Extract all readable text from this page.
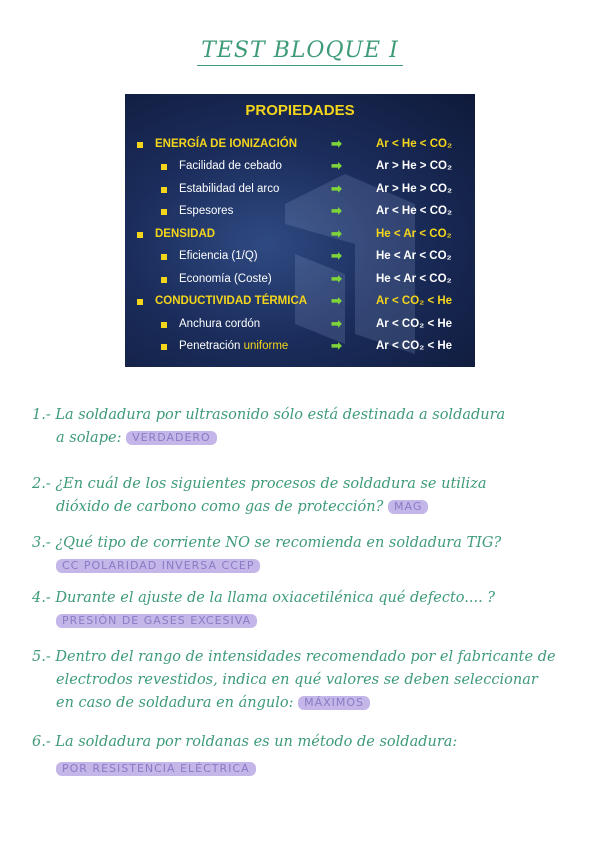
TEST BLOQUE I
PROPIEDADES
ENERGÍA DE IONIZACIÓN	➡	Ar < He < CO₂
Facilidad de cebado	➡	Ar > He > CO₂
Estabilidad del arco	➡	Ar > He > CO₂
Espesores	➡	Ar < He < CO₂
DENSIDAD	➡	He < Ar < CO₂
Eficiencia (1/Q)	➡	He < Ar < CO₂
Economía (Coste)	➡	He < Ar < CO₂
CONDUCTIVIDAD TÉRMICA ➡	Ar < CO₂ < He
Anchura cordón	➡	Ar < CO₂ < He
Penetración uniforme	➡	Ar < CO₂ < He
1.- La soldadura por ultrasonido sólo está destinada a soldadura
a solape: VERDADERO
2.- ¿En cuál de los siguientes procesos de soldadura se utiliza
dióxido de carbono como gas de protección? MAG
3.- ¿Qué tipo de corriente NO se recomienda en soldadura TIG?
CC POLARIDAD INVERSA CCEP
4.- Durante el ajuste de la llama oxiacetilénica qué defecto.... ?
PRESIÓN DE GASES EXCESIVA
5.- Dentro del rango de intensidades recomendado por el fabricante de
electrodos revestidos, indica en qué valores se deben seleccionar
en caso de soldadura en ángulo: MÁXIMOS
6.- La soldadura por roldanas es un método de soldadura:
POR RESISTENCIA ELÉCTRICA
